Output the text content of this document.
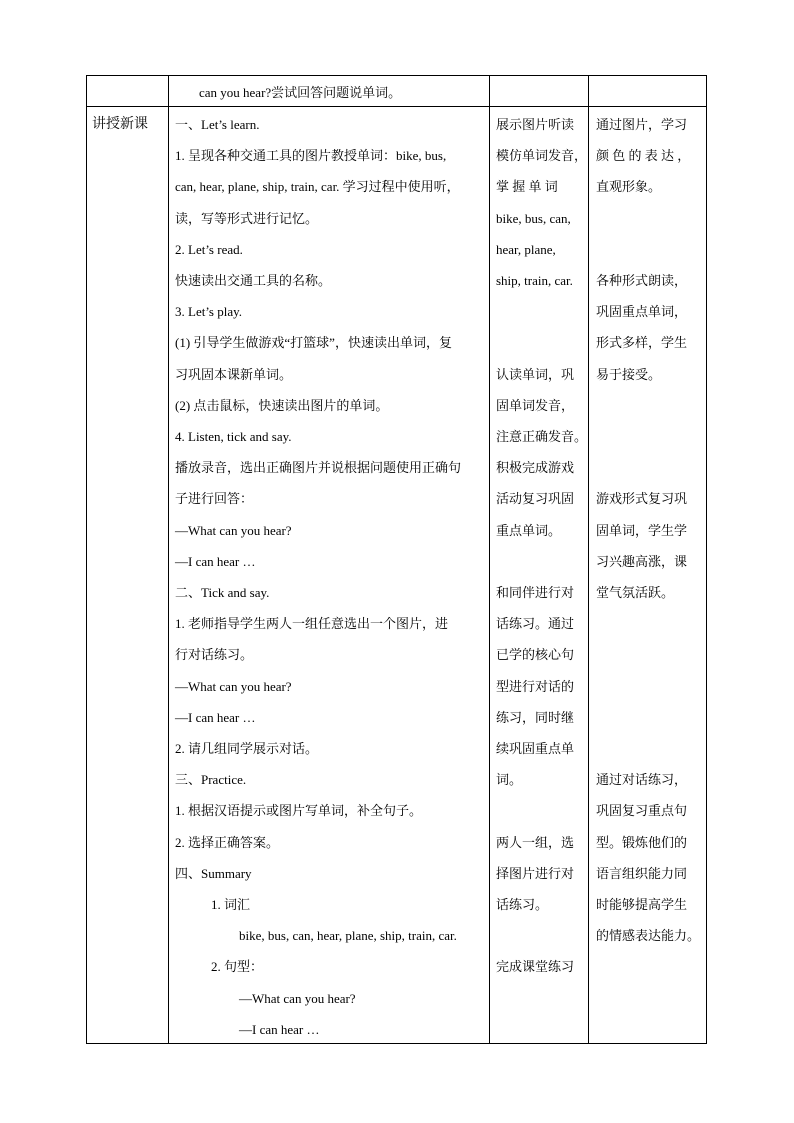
can you hear?尝试回答问题说单词。
讲授新课 一、Let’s learn.
1. 呈现各种交通工具的图片教授单词：bike, bus,
can, hear, plane, ship, train, car. 学习过程中使用听，
读，写等形式进行记忆。
2. Let’s read.
快速读出交通工具的名称。
3. Let’s play.
(1) 引导学生做游戏“打篮球”，快速读出单词，复
习巩固本课新单词。
(2) 点击鼠标，快速读出图片的单词。
4. Listen, tick and say.
播放录音，选出正确图片并说根据问题使用正确句
子进行回答：
—What can you hear?
—I can hear …
二、Tick and say.
1. 老师指导学生两人一组任意选出一个图片，进
行对话练习。
—What can you hear?
—I can hear …
2. 请几组同学展示对话。
三、Practice.
1. 根据汉语提示或图片写单词，补全句子。
2. 选择正确答案。
四、Summary
1. 词汇
bike, bus, can, hear, plane, ship, train, car.
2. 句型：
—What can you hear?
—I can hear …
展示图片听读
模仿单词发音，
掌 握 单 词
bike, bus, can,
hear, plane,
ship, train, car.
认读单词，巩
固单词发音，
注意正确发音。
积极完成游戏
活动复习巩固
重点单词。
和同伴进行对
话练习。通过
已学的核心句
型进行对话的
练习，同时继
续巩固重点单
词。
两人一组，选
择图片进行对
话练习。
完成课堂练习
通过图片，学习
颜 色 的 表 达 ，
直观形象。
各种形式朗读，
巩固重点单词，
形式多样，学生
易于接受。
游戏形式复习巩
固单词，学生学
习兴趣高涨，课
堂气氛活跃。
通过对话练习，
巩固复习重点句
型。锻炼他们的
语言组织能力同
时能够提高学生
的情感表达能力。
